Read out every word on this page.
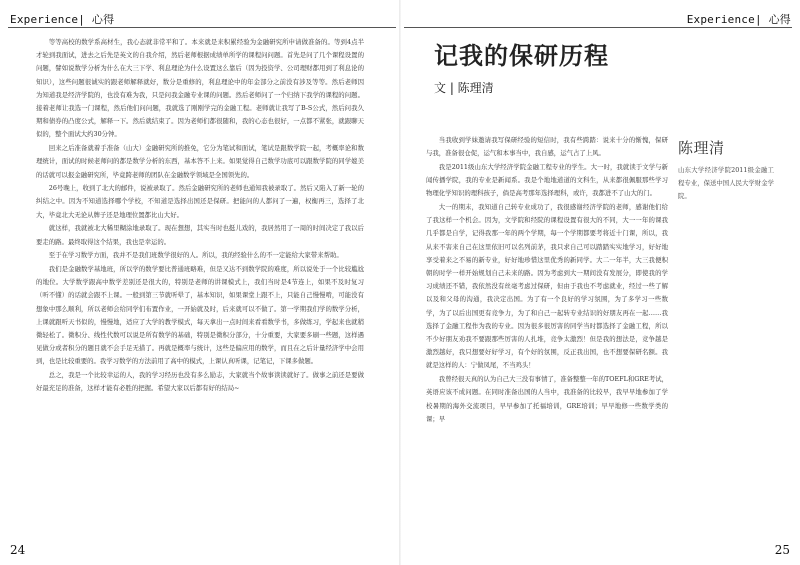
Experience| 心得

等等高校的数学系高材生，我心态就非常平和了。本来就是来积累经验为金融研究所申请做准备的。等到4点半才轮到我面试，进去之后先是英文的自我介绍，然后老师根据成绩单所学的课程问问题。首先是问了几个课程设置的问题，譬如说数学分析为什么在大三下学、利息理论为什么设置这么靠后（因为投资学、公司理财都用到了利息论的知识），这些问题很诚实的跟老师解释就好，数分是重修的，利息理论中的年金部分之前没有涉及等等。然后老师因为知道我是经济学院的，也没有难为我，只是问我金融专业课的问题。然后老师问了一个归纳下我学的课程的问题。接着老师让我选一门课程，然后他们问问题，我就选了刚刚学完的金融工程。老师就让我写了B-S公式，然后问我久期和债券的凸度公式，解释一下。然后就结束了。因为老师们都很随和，我的心态也很好，一点都不紧张，就跟聊天似的，整个面试大约30分钟。

回来之后准备就着手准备（山大）金融研究所的推免，它分为笔试和面试，笔试是跟数学院一起，考概率论和数理统计，面试的时候老师问的都是数学分析的东西，基本答不上来。如果觉得自己数学功底可以跟数学院的同学媲美的话就可以报金融研究所，毕竟跨老师的团队在金融数学领域是全国领先的。

26号晚上，收到了北大的邮件，说被录取了。然后金融研究所的老师也通知我被录取了。然后又陷入了新一轮的纠结之中。因为不知道选择哪个学校，不知道是选择出国还是保研。把能问的人都问了一遍，权衡再三，选择了北大，毕竟北大无论从牌子还是地理位置都比山大好。

就这样，我就被北大稀里糊涂地录取了。现在想想，其实当时也挺儿戏的，我居然用了一周的时间决定了我以后要走的路。最终取得这个结果，我也是幸运的。

至于在学习数学方面，我并不是我们班数学很好的人。所以，我的经验什么的不一定能给大家带来帮助。

我们是金融数学基地班，所以学的数学要比普通班略难，但是又达不到数学院的难度，所以说处于一个比较尴尬的地位。大学数学跟高中数学差别还是很大的，特别是老师的讲课模式上，我们当时是4节连上，如果不及时复习（听不懂）的话就会跟不上课。一般到第三节就听晕了，基本知识，如果课堂上跟不上，只能自己慢慢啃，可能没有想象中那么顺利，所以老师会给同学们布置作业，一开始就及时，后来就可以不做了。第一学期我们学的数学分析，上课就跟听天书似的，慢慢地，适应了大学的教学模式，每天拿出一点时间来看看数学书，多做练习，学起来也就稍微轻松了。微积分、线性代数可以说是所有数学的基础，特别是微积分部分，十分重要，大家要多刷一些题，这样遇见做分或者积分的题目就不会手足无措了。再就是概率与统计，这些是偏应用的数学，而且在之后计量经济学中会用到，也是比较重要的。我学习数学的方法前用了高中的模式，上课认真听课，记笔记，下课多做题。

总之，我是一个比较幸运的人，我的学习经历也没有多么励志，大家就当个故事读读就好了。做事之前还是要做好最充足的准备，这样才能有必胜的把握。希望大家以后都有好的结局~

24
Experience| 心得
记我的保研历程
文 | 陈理清

当我收到学妹邀请我写保研经验的短信时，我有些跨踏：说来十分的惭愧，保研与我，准备很仓促，运气和本事当中，我自感，运气占了上风。

我是2011级山东大学经济学院金融工程专业的学生。大一时，我就读于文学与新闻传播学院，我的专业是新闻系。我是个地地道道的文科生，从来都很佩服那些学习物理化学知识的理科孩子，倘是高考那年选择理科，或许，我都进不了山大的门。

大一的期末，我知道自己转专业成功了，我很感谢经济学院的老师，感谢他们给了我这样一个机会。因为，文学院和经院的课程设置有很大的不同，大一一年的课我几乎都是自学，记得我那一年的两个学期，每一个学期都要考将近十门课，所以，我从来不害来自己在这里依旧可以名列前茅，我只求自己可以踏踏实实地学习，好好地享受着来之不易的新专业，好好地珍惜这里优秀的新同学。大二一年半，大三我便积朝的时学一样开始规划自己未来的路。因为考虑到大一期间没有发展分，即使我的学习成绩还不错，我依然没有丝毫考虑过保研，但由于我也不考虑就业，经过一些了解以及和父母的沟通，我决定出国。为了有一个良好的学习氛围，为了多学习一些数学，为了以后出国更有竞争力，为了和自己一起转专业结识的好朋友再在一起……我选择了金融工程作为我的专业。因为很多很厉害的同学当时都选择了金融工程，所以不少好朋友劝我不要跟那些厉害的人扎堆，竞争太激烈！但是我的想法是，竞争越是激烈越好，我只想要好好学习，有个好的氛围，反正我出国，也不想要保研名额。我就是这样的人：宁做凤尾，不当鸡头！

我曾经很天真的认为自己大三没有事情了，准备整整一年的TOEFL和GRE考试，英语应该不成问题。在同时准备出国的人当中，我准备的比较早，我早早地参加了学校暑期的海外交流项目，早早参加了托福培训，GRE培训；早早地修一些数学类的课；早

陈理清
山东大学经济学院2011级金融工程专业，保送中国人民大学财金学院。
25
